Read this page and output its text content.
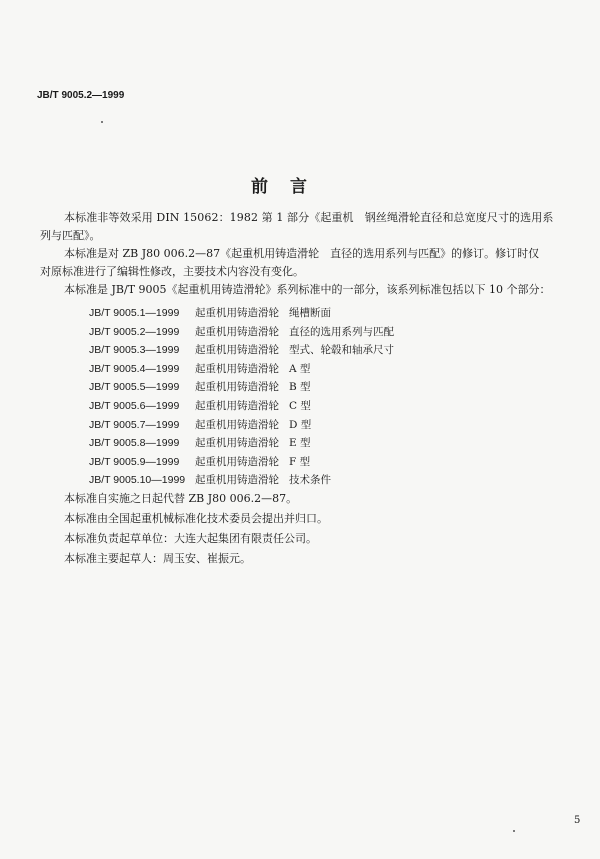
JB/T 9005.2—1999
前言
本标准非等效采用 DIN 15062：1982 第 1 部分《起重机　钢丝绳滑轮直径和总宽度尺寸的选用系
列与匹配》。
本标准是对 ZB J80 006.2—87《起重机用铸造滑轮　直径的选用系列与匹配》的修订。修订时仅
对原标准进行了编辑性修改，主要技术内容没有变化。
本标准是 JB/T 9005《起重机用铸造滑轮》系列标准中的一部分，该系列标准包括以下 10 个部分：
JB/T 9005.1—1999 起重机用铸造滑轮 绳槽断面
JB/T 9005.2—1999 起重机用铸造滑轮 直径的选用系列与匹配
JB/T 9005.3—1999 起重机用铸造滑轮 型式、轮毂和轴承尺寸
JB/T 9005.4—1999 起重机用铸造滑轮 A 型
JB/T 9005.5—1999 起重机用铸造滑轮 B 型
JB/T 9005.6—1999 起重机用铸造滑轮 C 型
JB/T 9005.7—1999 起重机用铸造滑轮 D 型
JB/T 9005.8—1999 起重机用铸造滑轮 E 型
JB/T 9005.9—1999 起重机用铸造滑轮 F 型
JB/T 9005.10—1999 起重机用铸造滑轮 技术条件
本标准自实施之日起代替 ZB J80 006.2—87。
本标准由全国起重机械标准化技术委员会提出并归口。
本标准负责起草单位：大连大起集团有限责任公司。
本标准主要起草人：周玉安、崔振元。
5
